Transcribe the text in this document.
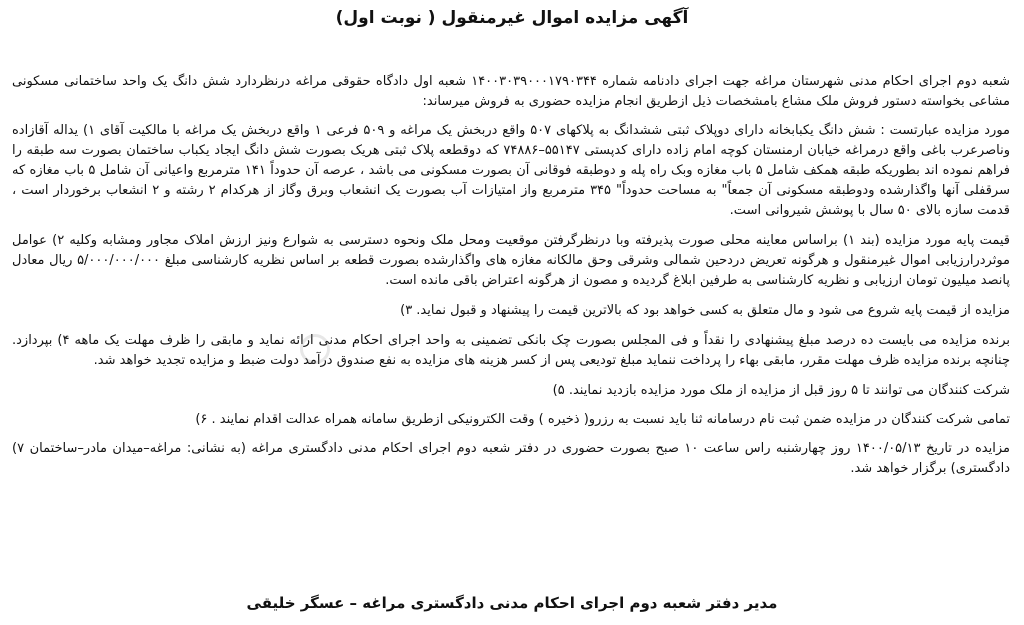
آگهی مزایده اموال غیرمنقول ( نوبت اول)

شعبه دوم اجرای احکام مدنی شهرستان مراغه جهت اجرای دادنامه شماره ۱۴۰۰۳۰۳۹۰۰۰۱۷۹۰۳۴۴ شعبه اول دادگاه حقوقی مراغه درنظردارد شش دانگ یک واحد ساختمانی مسکونی مشاعی بخواسته دستور فروش ملک مشاع بامشخصات ذیل ازطریق انجام مزایده حضوری به فروش میرساند:

مورد مزایده عبارتست : شش دانگ یکبابخانه دارای دوپلاک ثبتی ششدانگ به پلاکهای ۵۰۷ واقع دربخش یک مراغه و ۵۰۹ فرعی ۱ واقع دربخش یک مراغه با مالکیت آقای ۱) یداله آقازاده وناصرعرب باغی واقع درمراغه خیابان ارمنستان کوچه امام زاده دارای کدپستی ۵۵۱۴۷–۷۴۸۸۶ که دوقطعه پلاک ثبتی هریک بصورت شش دانگ ایجاد یکباب ساختمان بصورت سه طبقه را فراهم نموده اند بطوریکه طبقه همکف شامل ۵ باب مغازه وبک راه پله و دوطبقه فوقانی آن بصورت مسکونی می باشد ، عرصه آن حدوداً ۱۴۱ مترمربع واعیانی آن شامل ۵ باب مغازه که سرقفلی آنها واگذارشده ودوطبقه مسکونی آن جمعاً" به مساحت حدوداً" ۳۴۵ مترمربع واز امتیازات آب بصورت یک انشعاب وبرق وگاز از هرکدام ۲ رشته و ۲ انشعاب برخوردار است ، قدمت سازه بالای ۵۰ سال با پوشش شیروانی است.

قیمت پایه مورد مزایده (بند ۱) براساس معاینه محلی صورت پذیرفته وبا درنظرگرفتن موقعیت ومحل ملک ونحوه دسترسی به شوارع ونیز ارزش املاک مجاور ومشابه وکلیه ۲) عوامل موثردرارزیابی اموال غیرمنقول و هرگونه تعریض دردحین شمالی وشرقی وحق مالکانه مغازه های واگذارشده بصورت قطعه بر اساس نظریه کارشناسی مبلغ ۵/۰۰۰/۰۰۰/۰۰۰ ریال معادل پانصد میلیون تومان ارزیابی و نظریه کارشناسی به طرفین ابلاغ گردیده و مصون از هرگونه اعتراض باقی مانده است.

مزایده از قیمت پایه شروع می شود و مال متعلق به کسی خواهد بود که بالاترین قیمت را پیشنهاد و قبول نماید. ۳)

برنده مزایده می بایست ده درصد مبلغ پیشنهادی را نقداً و فی المجلس بصورت چک بانکی تضمینی به واحد اجرای احکام مدنی ارائه نماید و مابقی را ظرف مهلت یک ماهه ۴) بپردازد. چنانچه برنده مزایده ظرف مهلت مقرر، مابقی بهاء را پرداخت ننماید مبلغ تودیعی پس از کسر هزینه های مزایده به نفع صندوق درآمد دولت ضبط و مزایده تجدید خواهد شد.

شرکت کنندگان می توانند تا ۵ روز قبل از مزایده از ملک مورد مزایده بازدید نمایند. ۵)

تمامی شرکت کنندگان در مزایده ضمن ثبت نام درسامانه ثنا باید نسبت به رزرو( ذخیره ) وقت الکترونیکی ازطریق سامانه همراه عدالت اقدام نمایند . ۶)

مزایده در تاریخ ۱۴۰۰/۰۵/۱۳ روز چهارشنبه راس ساعت ۱۰ صبح بصورت حضوری در دفتر شعبه دوم اجرای احکام مدنی دادگستری مراغه (به نشانی: مراغه–میدان مادر–ساختمان ۷) دادگستری) برگزار خواهد شد.

مدیر دفتر شعبه دوم اجرای احکام مدنی دادگستری مراغه – عسگر خلیقی
